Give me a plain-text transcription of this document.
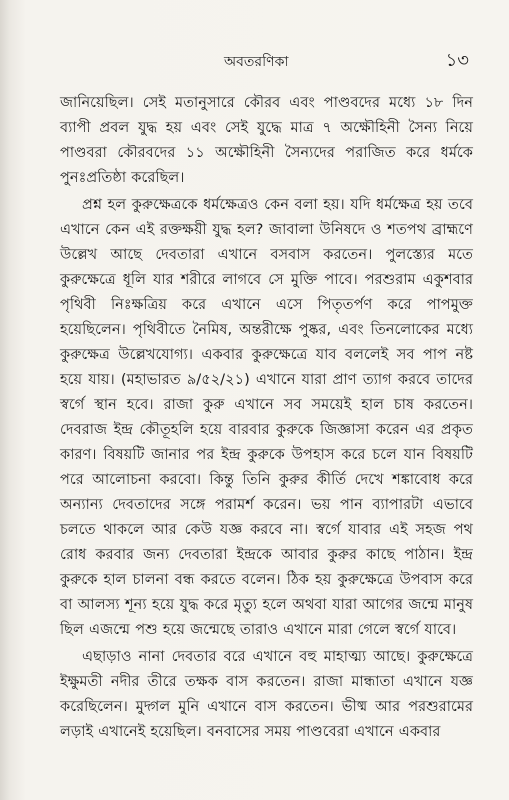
অবতরণিকা	১৩

জানিয়েছিল। সেই মতানুসারে কৌরব এবং পাণ্ডবদের মধ্যে ১৮ দিন ব্যাপী প্রবল যুদ্ধ হয় এবং সেই যুদ্ধে মাত্র ৭ অক্ষৌহিনী সৈন্য নিয়ে পাণ্ডবরা কৌরবদের ১১ অক্ষৌহিনী সৈন্যদের পরাজিত করে ধর্মকে পুনঃপ্রতিষ্ঠা করেছিল।

প্রশ্ন হল কুরুক্ষেত্রকে ধর্মক্ষেত্রও কেন বলা হয়। যদি ধর্মক্ষেত্র হয় তবে এখানে কেন এই রক্তক্ষয়ী যুদ্ধ হল? জাবালা উনিষদে ও শতপথ ব্রাহ্মণে উল্লেখ আছে দেবতারা এখানে বসবাস করতেন। পুলস্ত্যের মতে কুরুক্ষেত্রে ধূলি যার শরীরে লাগবে সে মুক্তি পাবে। পরশুরাম একুশবার পৃথিবী নিঃক্ষত্রিয় করে এখানে এসে পিতৃতর্পণ করে পাপমুক্ত হয়েছিলেন। পৃথিবীতে নৈমিষ, অন্তরীক্ষে পুষ্কর, এবং তিনলোকের মধ্যে কুরুক্ষেত্র উল্লেখযোগ্য। একবার কুরুক্ষেত্রে যাব বললেই সব পাপ নষ্ট হয়ে যায়। (মহাভারত ৯/৫২/২১) এখানে যারা প্রাণ ত্যাগ করবে তাদের স্বর্গে স্থান হবে। রাজা কুরু এখানে সব সময়েই হাল চাষ করতেন। দেবরাজ ইন্দ্র কৌতূহলি হয়ে বারবার কুরুকে জিজ্ঞাসা করেন এর প্রকৃত কারণ। বিষয়টি জানার পর ইন্দ্র কুরুকে উপহাস করে চলে যান বিষয়টি পরে আলোচনা করবো। কিন্তু তিনি কুরুর কীর্তি দেখে শঙ্কাবোধ করে অন্যান্য দেবতাদের সঙ্গে পরামর্শ করেন। ভয় পান ব্যাপারটা এভাবে চলতে থাকলে আর কেউ যজ্ঞ করবে না। স্বর্গে যাবার এই সহজ পথ রোধ করবার জন্য দেবতারা ইন্দ্রকে আবার কুরুর কাছে পাঠান। ইন্দ্র কুরুকে হাল চালনা বন্ধ করতে বলেন। ঠিক হয় কুরুক্ষেত্রে উপবাস করে বা আলস্য শূন্য হয়ে যুদ্ধ করে মৃত্যু হলে অথবা যারা আগের জন্মে মানুষ ছিল এজন্মে পশু হয়ে জন্মেছে তারাও এখানে মারা গেলে স্বর্গে যাবে।

এছাড়াও নানা দেবতার বরে এখানে বহু মাহাত্ম্য আছে। কুরুক্ষেত্রে ইক্ষুমতী নদীর তীরে তক্ষক বাস করতেন। রাজা মান্ধাতা এখানে যজ্ঞ করেছিলেন। মুদ্গল মুনি এখানে বাস করতেন। ভীষ্ম আর পরশুরামের লড়াই এখানেই হয়েছিল। বনবাসের সময় পাণ্ডবেরা এখানে একবার
